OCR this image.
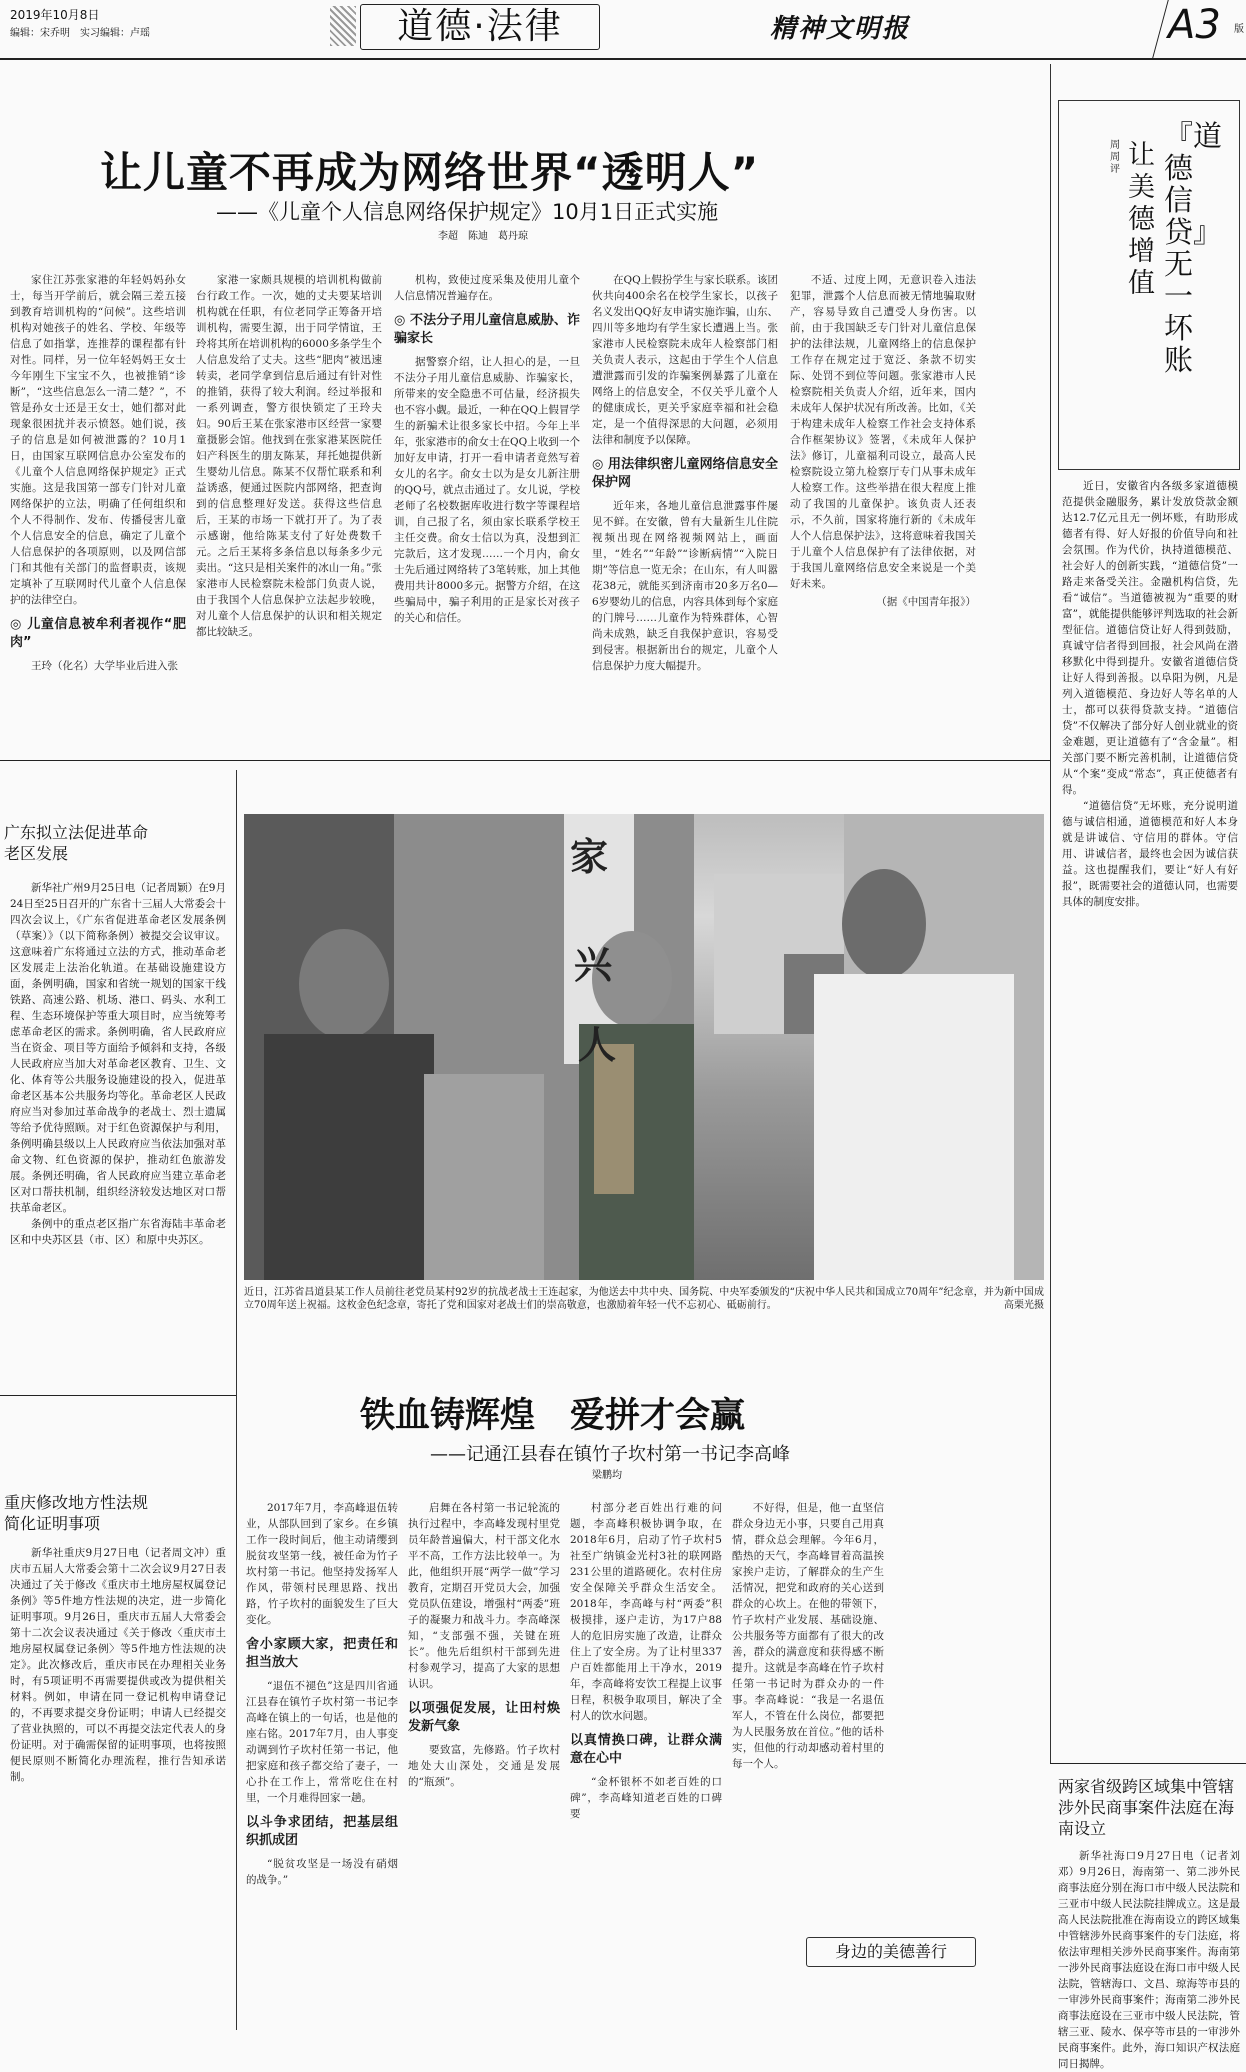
2019年10月8日
编辑：宋乔明　实习编辑：卢瑶	道德·法律	精神文明报	A3 版
让儿童不再成为网络世界“透明人”
——《儿童个人信息网络保护规定》10月1日正式实施
李超　陈迪　葛丹琼

家住江苏张家港的年轻妈妈孙女士，每当开学前后，就会隔三差五接到教育培训机构的“问候”。这些培训机构对她孩子的姓名、学校、年级等信息了如指掌，连推荐的课程都有针对性。同样，另一位年轻妈妈王女士今年刚生下宝宝不久，也被推销“诊断”，“这些信息怎么一清二楚？”，不管是孙女士还是王女士，她们都对此现象很困扰并表示愤怒。她们说，孩子的信息是如何被泄露的？10月1日，由国家互联网信息办公室发布的《儿童个人信息网络保护规定》正式实施。这是我国第一部专门针对儿童网络保护的立法，明确了任何组织和个人不得制作、发布、传播侵害儿童个人信息安全的信息，确定了儿童个人信息保护的各项原则，以及网信部门和其他有关部门的监督职责，该规定填补了互联网时代儿童个人信息保护的法律空白。

◎ 儿童信息被牟利者视作“肥肉”

王玲（化名）大学毕业后进入张

家港一家颇具规模的培训机构做前台行政工作。一次，她的丈夫要某培训机构就在任职，有位老同学正筹备开培训机构，需要生源，出于同学情谊，王玲将其所在培训机构的6000多条学生个人信息发给了丈夫。这些“肥肉”被迅速转卖，老同学拿到信息后通过有针对性的推销，获得了较大利润。经过举报和一系列调查，警方很快锁定了王玲夫妇。90后王某在张家港市区经营一家婴童摄影会馆。他找到在张家港某医院任妇产科医生的朋友陈某，拜托她提供新生婴幼儿信息。陈某不仅帮忙联系和利益诱惑，便通过医院内部网络，把查询到的信息整理好发送。获得这些信息后，王某的市场一下就打开了。为了表示感谢，他给陈某支付了好处费数千元。之后王某将多条信息以每条多少元卖出。“这只是相关案件的冰山一角。”张家港市人民检察院未检部门负责人说，由于我国个人信息保护立法起步较晚，对儿童个人信息保护的认识和相关规定都比较缺乏。

机构，致使过度采集及使用儿童个人信息情况普遍存在。

◎ 不法分子用儿童信息威胁、诈骗家长

据警察介绍，让人担心的是，一旦不法分子用儿童信息威胁、诈骗家长，所带来的安全隐患不可估量，经济损失也不容小觑。最近，一种在QQ上假冒学生的新骗术让很多家长中招。今年上半年，张家港市的俞女士在QQ上收到一个加好友申请，打开一看申请者竟然写着女儿的名字。俞女士以为是女儿新注册的QQ号，就点击通过了。女儿说，学校老师了名校数据库收进行数字等课程培训，自己报了名，须由家长联系学校王主任交费。俞女士信以为真，没想到汇完款后，这才发现……一个月内，俞女士先后通过网络转了3笔转账，加上其他费用共计8000多元。据警方介绍，在这些骗局中，骗子利用的正是家长对孩子的关心和信任。

在QQ上假扮学生与家长联系。该团伙共向400余名在校学生家长，以孩子名义发出QQ好友申请实施诈骗，山东、四川等多地均有学生家长遭遇上当。张家港市人民检察院未成年人检察部门相关负责人表示，这起由于学生个人信息遭泄露而引发的诈骗案例暴露了儿童在网络上的信息安全，不仅关乎儿童个人的健康成长，更关乎家庭幸福和社会稳定，是一个值得深思的大问题，必须用法律和制度予以保障。

◎ 用法律织密儿童网络信息安全保护网

近年来，各地儿童信息泄露事件屡见不鲜。在安徽，曾有大量新生儿住院视频出现在网络视频网站上，画面里，“姓名”“年龄”“诊断病情”“入院日期”等信息一览无余；在山东，有人叫嚣花38元，就能买到济南市20多万名0—6岁婴幼儿的信息，内容具体到每个家庭的门牌号……儿童作为特殊群体，心智尚未成熟，缺乏自我保护意识，容易受到侵害。根据新出台的规定，儿童个人信息保护力度大幅提升。

不适、过度上网，无意识卷入违法犯罪，泄露个人信息而被无情地骗取财产，容易导致自己遭受人身伤害。以前，由于我国缺乏专门针对儿童信息保护的法律法规，儿童网络上的信息保护工作存在规定过于宽泛、条款不切实际、处罚不到位等问题。张家港市人民检察院相关负责人介绍，近年来，国内未成年人保护状况有所改善。比如，《关于构建未成年人检察工作社会支持体系合作框架协议》签署，《未成年人保护法》修订，儿童福利司设立，最高人民检察院设立第九检察厅专门从事未成年人检察工作。这些举措在很大程度上推动了我国的儿童保护。该负责人还表示，不久前，国家将施行新的《未成年人个人信息保护法》，这将意味着我国关于儿童个人信息保护有了法律依据，对于我国儿童网络信息安全来说是一个美好未来。

（据《中国青年报》）
周周评 让美德增值
『道德信贷』无一坏账

近日，安徽省内各级多家道德模范提供金融服务，累计发放贷款金额达12.7亿元且无一例坏账，有助形成德者有得、好人好报的价值导向和社会氛围。作为代价，执持道德模范、社会好人的创新实践，“道德信贷”一路走来备受关注。金融机构信贷，先看“诚信”。当道德被视为“重要的财富”，就能提供能够评判选取的社会新型征信。道德信贷让好人得到鼓励，真诚守信者得到回报，社会风尚在潜移默化中得到提升。安徽省道德信贷让好人得到善报。以阜阳为例，凡是列入道德模范、身边好人等名单的人士，都可以获得贷款支持。“道德信贷”不仅解决了部分好人创业就业的资金难题，更让道德有了“含金量”。相关部门要不断完善机制，让道德信贷从“个案”变成“常态”，真正使德者有得。

“道德信贷”无坏账，充分说明道德与诚信相通，道德模范和好人本身就是讲诚信、守信用的群体。守信用、讲诚信者，最终也会因为诚信获益。这也提醒我们，要让“好人有好报”，既需要社会的道德认同，也需要具体的制度安排。

广东拟立法促进革命老区发展

新华社广州9月25日电（记者周颖）在9月24日至25日召开的广东省十三届人大常委会十四次会议上，《广东省促进革命老区发展条例（草案）》（以下简称条例）被提交会议审议。这意味着广东将通过立法的方式，推动革命老区发展走上法治化轨道。在基础设施建设方面，条例明确，国家和省统一规划的国家干线铁路、高速公路、机场、港口、码头、水利工程、生态环境保护等重大项目时，应当统筹考虑革命老区的需求。条例明确，省人民政府应当在资金、项目等方面给予倾斜和支持，各级人民政府应当加大对革命老区教育、卫生、文化、体育等公共服务设施建设的投入，促进革命老区基本公共服务均等化。革命老区人民政府应当对参加过革命战争的老战士、烈士遗属等给予优待照顾。对于红色资源保护与利用，条例明确县级以上人民政府应当依法加强对革命文物、红色资源的保护，推动红色旅游发展。条例还明确，省人民政府应当建立革命老区对口帮扶机制，组织经济较发达地区对口帮扶革命老区。

条例中的重点老区指广东省海陆丰革命老区和中央苏区县（市、区）和原中央苏区。

重庆修改地方性法规简化证明事项

新华社重庆9月27日电（记者周文冲）重庆市五届人大常委会第十二次会议9月27日表决通过了关于修改《重庆市土地房屋权属登记条例》等5件地方性法规的决定，进一步简化证明事项。9月26日，重庆市五届人大常委会第十二次会议表决通过《关于修改〈重庆市土地房屋权属登记条例〉等5件地方性法规的决定》。此次修改后，重庆市民在办理相关业务时，有5项证明不再需要提供或改为提供相关材料。例如，申请在同一登记机构申请登记的，不再要求提交身份证明；申请人已经提交了营业执照的，可以不再提交法定代表人的身份证明。对于确需保留的证明事项，也将按照便民原则不断简化办理流程，推行告知承诺制。

家
兴
人
近日，江苏省昌道县某工作人员前往老党员某村92岁的抗战老战士王连起家，为他送去中共中央、国务院、中央军委颁发的“庆祝中华人民共和国成立70周年”纪念章，并为新中国成立70周年送上祝福。这枚金色纪念章，寄托了党和国家对老战士们的崇高敬意，也激励着年轻一代不忘初心、砥砺前行。	高栗光摄
铁血铸辉煌　爱拼才会赢
——记通江县春在镇竹子坎村第一书记李高峰
梁鹏均

2017年7月，李高峰退伍转业，从部队回到了家乡。在乡镇工作一段时间后，他主动请缨到脱贫攻坚第一线，被任命为竹子坎村第一书记。他坚持发扬军人作风，带领村民理思路、找出路，竹子坎村的面貌发生了巨大变化。

舍小家顾大家，把责任和担当放大

“退伍不褪色”这是四川省通江县春在镇竹子坎村第一书记李高峰在镇上的一句话，也是他的座右铭。2017年7月，由人事变动调到竹子坎村任第一书记，他把家庭和孩子都交给了妻子，一心扑在工作上，常常吃住在村里，一个月难得回家一趟。

以斗争求团结，把基层组织抓成团

“脱贫攻坚是一场没有硝烟的战争。”

启舞在各村第一书记轮流的执行过程中，李高峰发现村里党员年龄普遍偏大，村干部文化水平不高，工作方法比较单一。为此，他组织开展“两学一做”学习教育，定期召开党员大会，加强党员队伍建设，增强村“两委”班子的凝聚力和战斗力。李高峰深知，“支部强不强，关键在班长”。他先后组织村干部到先进村参观学习，提高了大家的思想认识。

以项强促发展，让田村焕发新气象

要致富，先修路。竹子坎村地处大山深处，交通是发展的“瓶颈”。

村部分老百姓出行难的问题，李高峰积极协调争取，在2018年6月，启动了竹子坎村5社至广纳镇金光村3社的联网路231公里的道路硬化。农村住房安全保障关乎群众生活安全。2018年，李高峰与村“两委”积极摸排，逐户走访，为17户88人的危旧房实施了改造，让群众住上了安全房。为了让村里337户百姓都能用上干净水，2019年，李高峰将安饮工程提上议事日程，积极争取项目，解决了全村人的饮水问题。

以真情换口碑，让群众满意在心中

“金杯银杯不如老百姓的口碑”，李高峰知道老百姓的口碑要

不好得，但是，他一直坚信群众身边无小事，只要自己用真情，群众总会理解。今年6月，酷热的天气，李高峰冒着高温挨家挨户走访，了解群众的生产生活情况，把党和政府的关心送到群众的心坎上。在他的带领下，竹子坎村产业发展、基础设施、公共服务等方面都有了很大的改善，群众的满意度和获得感不断提升。这就是李高峰在竹子坎村任第一书记时为群众办的一件事。李高峰说：“我是一名退伍军人，不管在什么岗位，都要把为人民服务放在首位。”他的话朴实，但他的行动却感动着村里的每一个人。

身边的美德善行
两家省级跨区域集中管辖涉外民商事案件法庭在海南设立

新华社海口9月27日电（记者刘邓）9月26日，海南第一、第二涉外民商事法庭分别在海口市中级人民法院和三亚市中级人民法院挂牌成立。这是最高人民法院批准在海南设立的跨区域集中管辖涉外民商事案件的专门法庭，将依法审理相关涉外民商事案件。海南第一涉外民商事法庭设在海口市中级人民法院，管辖海口、文昌、琼海等市县的一审涉外民商事案件；海南第二涉外民商事法庭设在三亚市中级人民法院，管辖三亚、陵水、保亭等市县的一审涉外民商事案件。此外，海口知识产权法庭同日揭牌。
